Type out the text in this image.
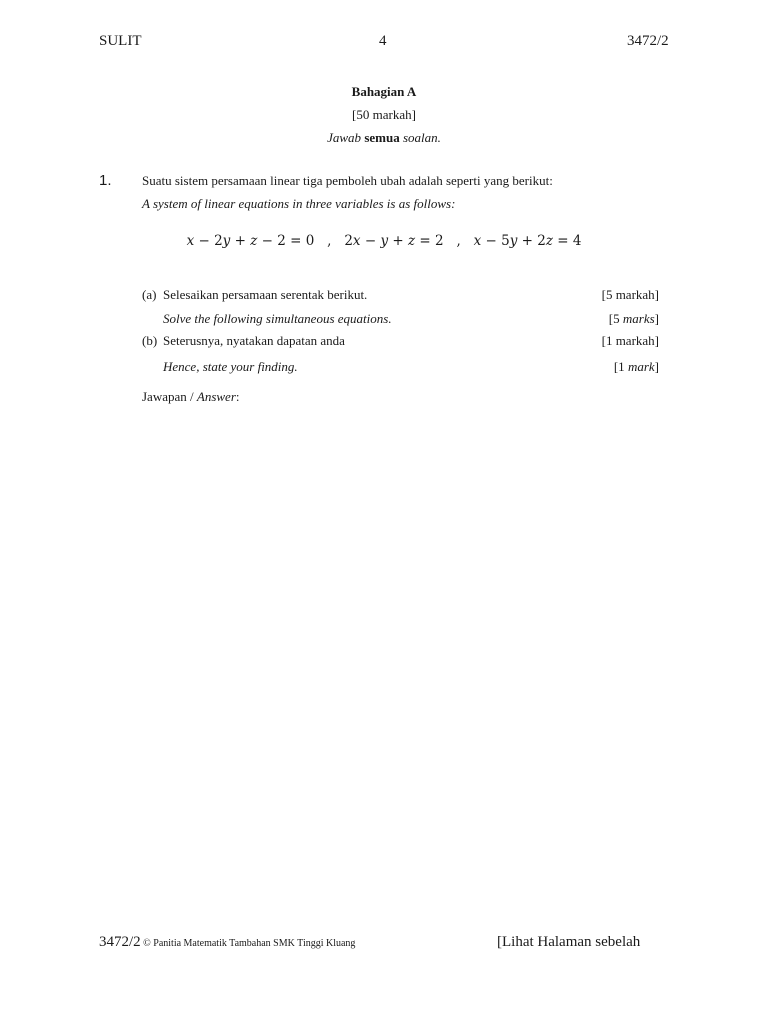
SULIT	4	3472/2
Bahagian A
[50 markah]
Jawab semua soalan.
1. Suatu sistem persamaan linear tiga pemboleh ubah adalah seperti yang berikut:
A system of linear equations in three variables is as follows:
x − 2y + z − 2 = 0 , 2x − y + z = 2 , x − 5y + 2z = 4
(a) Selesaikan persamaan serentak berikut.	[5 markah]
Solve the following simultaneous equations.	[5 marks]
(b) Seterusnya, nyatakan dapatan anda	[1 markah]
Hence, state your finding.	[1 mark]
Jawapan / Answer:
3472/2 © Panitia Matematik Tambahan SMK Tinggi Kluang	[Lihat Halaman sebelah
